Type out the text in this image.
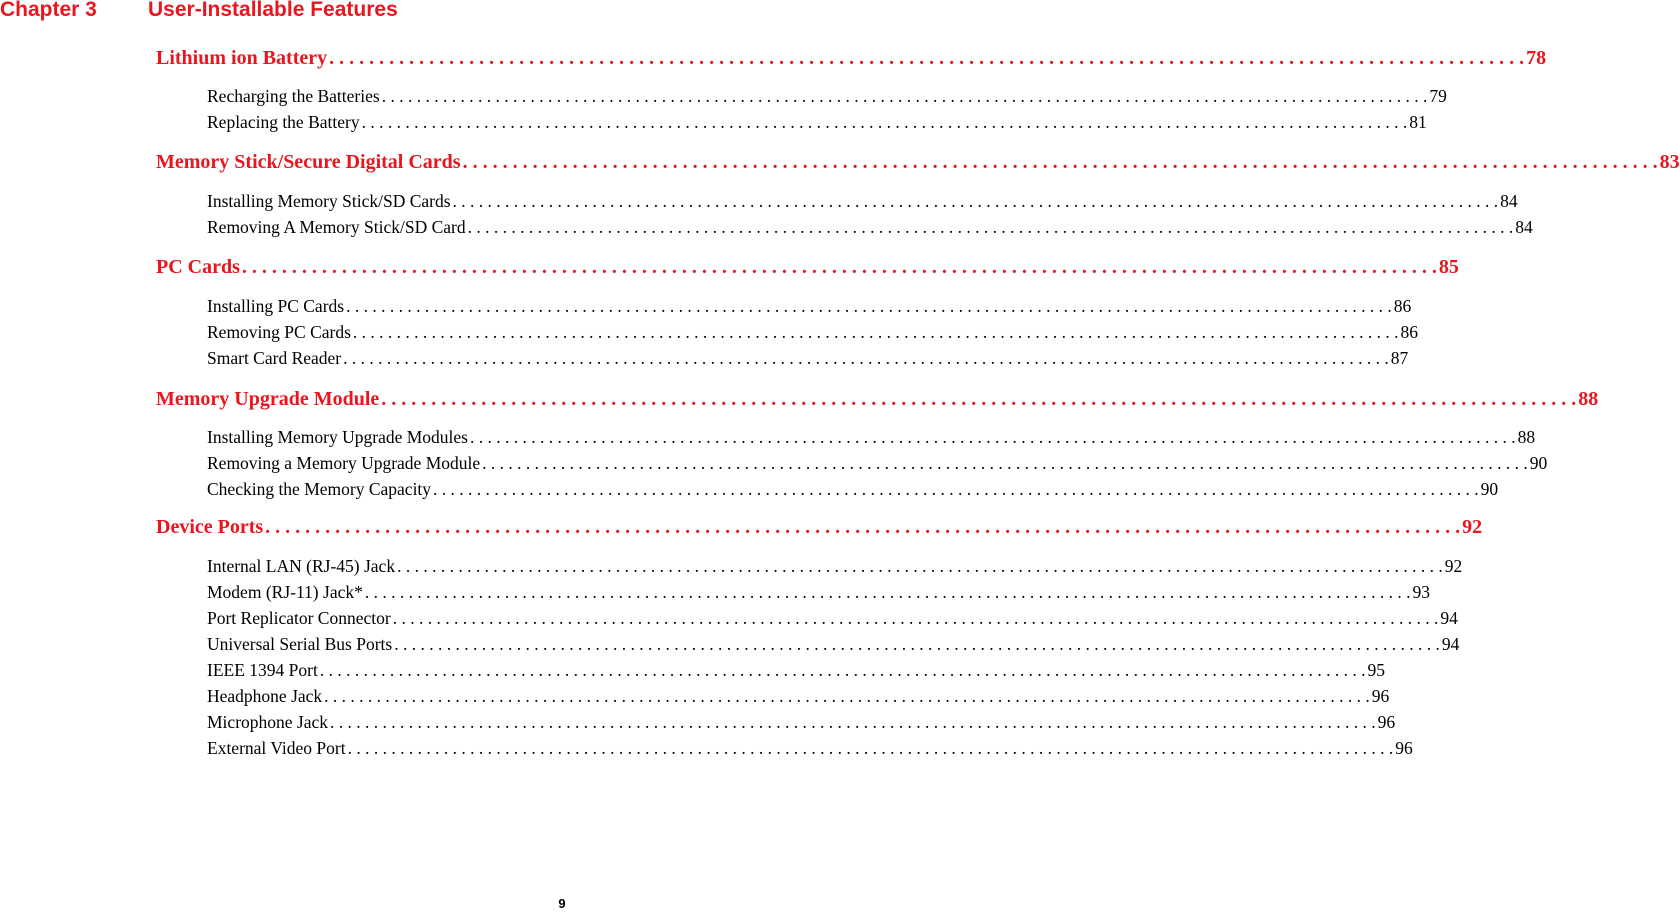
Chapter 3	User-Installable Features
Lithium ion Battery . . . . . . . . . . . . . . . . . . . . . . . . . . . . . . . . . . . . . . . . . . . . . . . . . . . . . . . . . . . . . . . . . . . . . . . . . . . . . . . . . . . . . . . . . . . . . . . . . . . . . . . . . . . . . . . . . . . . . . . . 78
Recharging the Batteries . . . . . . . . . . . . . . . . . . . . . . . . . . . . . . . . . . . . . . . . . . . . . . . . . . . . . . . . . . . . . . . . . . . . . . . . . . . . . . . . . . . . . . . . . . . . . . . . . . . . . . . . . . . . . . . . . . . . . . . . 79
Replacing the Battery . . . . . . . . . . . . . . . . . . . . . . . . . . . . . . . . . . . . . . . . . . . . . . . . . . . . . . . . . . . . . . . . . . . . . . . . . . . . . . . . . . . . . . . . . . . . . . . . . . . . . . . . . . . . . . . . . . . . . . . . 81
Memory Stick/Secure Digital Cards . . . . . . . . . . . . . . . . . . . . . . . . . . . . . . . . . . . . . . . . . . . . . . . . . . . . . . . . . . . . . . . . . . . . . . . . . . . . . . . . . . . . . . . . . . . . . . . . . . . . . . . . . . . . . . . . . . . . . . . . 83
Installing Memory Stick/SD Cards . . . . . . . . . . . . . . . . . . . . . . . . . . . . . . . . . . . . . . . . . . . . . . . . . . . . . . . . . . . . . . . . . . . . . . . . . . . . . . . . . . . . . . . . . . . . . . . . . . . . . . . . . . . . . . . . . . . . . . . . 84
Removing A Memory Stick/SD Card . . . . . . . . . . . . . . . . . . . . . . . . . . . . . . . . . . . . . . . . . . . . . . . . . . . . . . . . . . . . . . . . . . . . . . . . . . . . . . . . . . . . . . . . . . . . . . . . . . . . . . . . . . . . . . . . . . . . . . . . 84
PC Cards . . . . . . . . . . . . . . . . . . . . . . . . . . . . . . . . . . . . . . . . . . . . . . . . . . . . . . . . . . . . . . . . . . . . . . . . . . . . . . . . . . . . . . . . . . . . . . . . . . . . . . . . . . . . . . . . . . . . . . . . 85
Installing PC Cards . . . . . . . . . . . . . . . . . . . . . . . . . . . . . . . . . . . . . . . . . . . . . . . . . . . . . . . . . . . . . . . . . . . . . . . . . . . . . . . . . . . . . . . . . . . . . . . . . . . . . . . . . . . . . . . . . . . . . . . . 86
Removing PC Cards . . . . . . . . . . . . . . . . . . . . . . . . . . . . . . . . . . . . . . . . . . . . . . . . . . . . . . . . . . . . . . . . . . . . . . . . . . . . . . . . . . . . . . . . . . . . . . . . . . . . . . . . . . . . . . . . . . . . . . . . 86
Smart Card Reader . . . . . . . . . . . . . . . . . . . . . . . . . . . . . . . . . . . . . . . . . . . . . . . . . . . . . . . . . . . . . . . . . . . . . . . . . . . . . . . . . . . . . . . . . . . . . . . . . . . . . . . . . . . . . . . . . . . . . . . . 87
Memory Upgrade Module . . . . . . . . . . . . . . . . . . . . . . . . . . . . . . . . . . . . . . . . . . . . . . . . . . . . . . . . . . . . . . . . . . . . . . . . . . . . . . . . . . . . . . . . . . . . . . . . . . . . . . . . . . . . . . . . . . . . . . . . 88
Installing Memory Upgrade Modules . . . . . . . . . . . . . . . . . . . . . . . . . . . . . . . . . . . . . . . . . . . . . . . . . . . . . . . . . . . . . . . . . . . . . . . . . . . . . . . . . . . . . . . . . . . . . . . . . . . . . . . . . . . . . . . . . . . . . . . . 88
Removing a Memory Upgrade Module . . . . . . . . . . . . . . . . . . . . . . . . . . . . . . . . . . . . . . . . . . . . . . . . . . . . . . . . . . . . . . . . . . . . . . . . . . . . . . . . . . . . . . . . . . . . . . . . . . . . . . . . . . . . . . . . . . . . . . . . 90
Checking the Memory Capacity . . . . . . . . . . . . . . . . . . . . . . . . . . . . . . . . . . . . . . . . . . . . . . . . . . . . . . . . . . . . . . . . . . . . . . . . . . . . . . . . . . . . . . . . . . . . . . . . . . . . . . . . . . . . . . . . . . . . . . . . 90
Device Ports . . . . . . . . . . . . . . . . . . . . . . . . . . . . . . . . . . . . . . . . . . . . . . . . . . . . . . . . . . . . . . . . . . . . . . . . . . . . . . . . . . . . . . . . . . . . . . . . . . . . . . . . . . . . . . . . . . . . . . . . 92
Internal LAN (RJ-45) Jack . . . . . . . . . . . . . . . . . . . . . . . . . . . . . . . . . . . . . . . . . . . . . . . . . . . . . . . . . . . . . . . . . . . . . . . . . . . . . . . . . . . . . . . . . . . . . . . . . . . . . . . . . . . . . . . . . . . . . . . . 92
Modem (RJ-11) Jack* . . . . . . . . . . . . . . . . . . . . . . . . . . . . . . . . . . . . . . . . . . . . . . . . . . . . . . . . . . . . . . . . . . . . . . . . . . . . . . . . . . . . . . . . . . . . . . . . . . . . . . . . . . . . . . . . . . . . . . . . 93
Port Replicator Connector . . . . . . . . . . . . . . . . . . . . . . . . . . . . . . . . . . . . . . . . . . . . . . . . . . . . . . . . . . . . . . . . . . . . . . . . . . . . . . . . . . . . . . . . . . . . . . . . . . . . . . . . . . . . . . . . . . . . . . . . 94
Universal Serial Bus Ports . . . . . . . . . . . . . . . . . . . . . . . . . . . . . . . . . . . . . . . . . . . . . . . . . . . . . . . . . . . . . . . . . . . . . . . . . . . . . . . . . . . . . . . . . . . . . . . . . . . . . . . . . . . . . . . . . . . . . . . . 94
IEEE 1394 Port . . . . . . . . . . . . . . . . . . . . . . . . . . . . . . . . . . . . . . . . . . . . . . . . . . . . . . . . . . . . . . . . . . . . . . . . . . . . . . . . . . . . . . . . . . . . . . . . . . . . . . . . . . . . . . . . . . . . . . . . 95
Headphone Jack . . . . . . . . . . . . . . . . . . . . . . . . . . . . . . . . . . . . . . . . . . . . . . . . . . . . . . . . . . . . . . . . . . . . . . . . . . . . . . . . . . . . . . . . . . . . . . . . . . . . . . . . . . . . . . . . . . . . . . . . 96
Microphone Jack . . . . . . . . . . . . . . . . . . . . . . . . . . . . . . . . . . . . . . . . . . . . . . . . . . . . . . . . . . . . . . . . . . . . . . . . . . . . . . . . . . . . . . . . . . . . . . . . . . . . . . . . . . . . . . . . . . . . . . . . 96
External Video Port . . . . . . . . . . . . . . . . . . . . . . . . . . . . . . . . . . . . . . . . . . . . . . . . . . . . . . . . . . . . . . . . . . . . . . . . . . . . . . . . . . . . . . . . . . . . . . . . . . . . . . . . . . . . . . . . . . . . . . . . 96
9
